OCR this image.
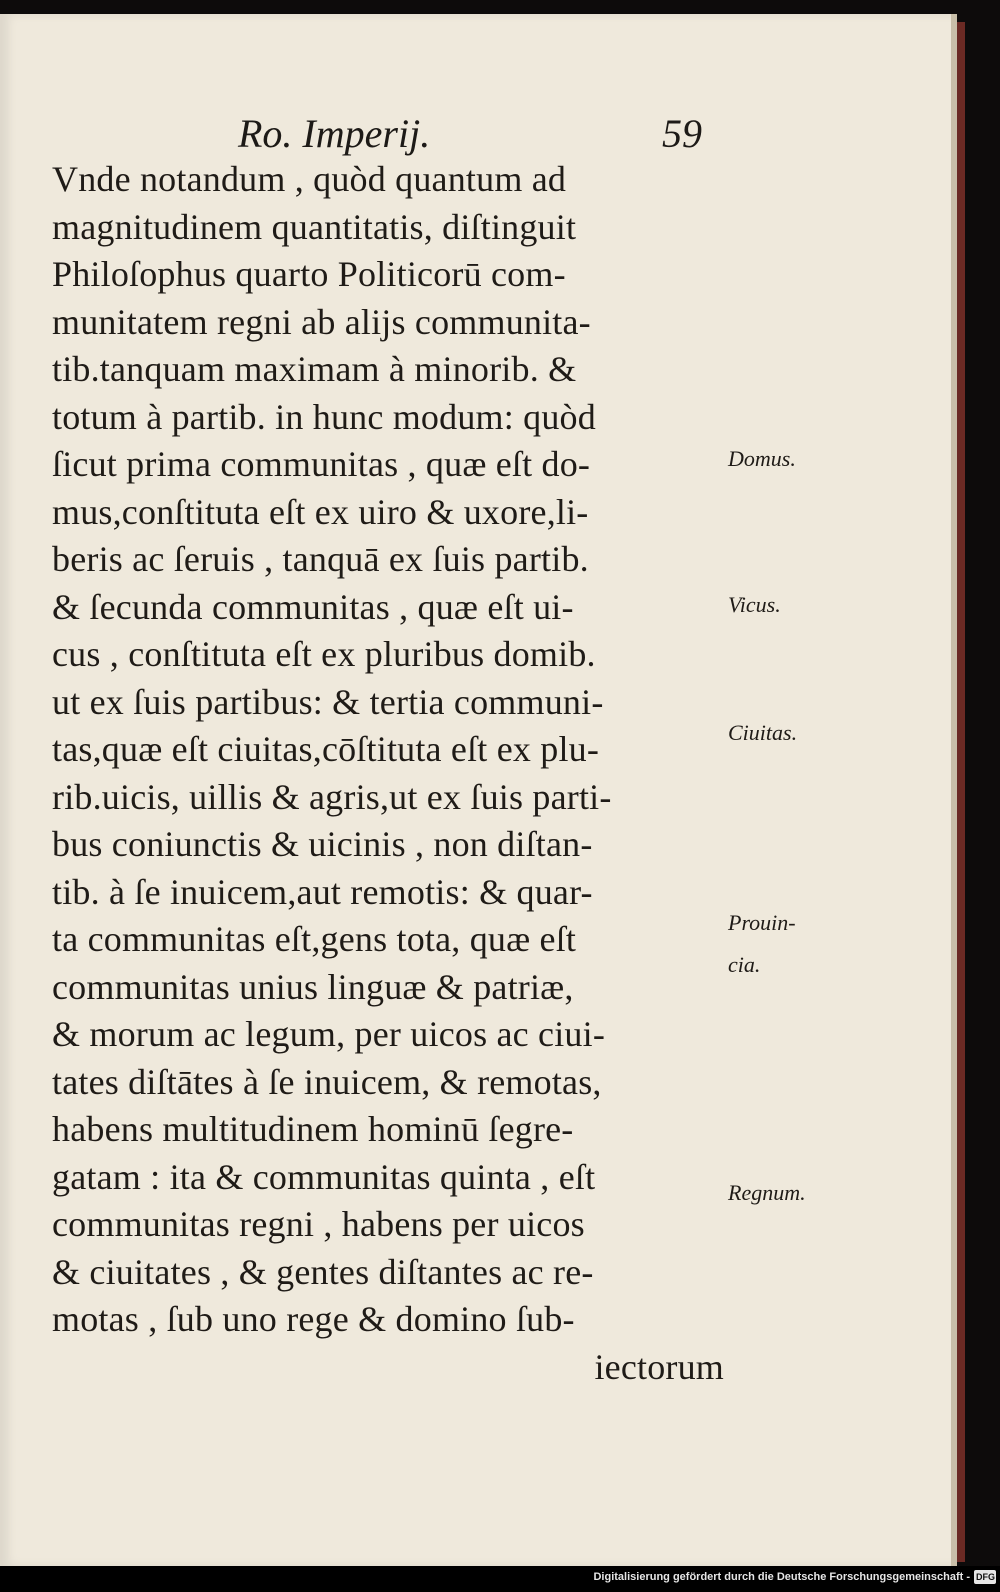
Ro. Imperij.	59
Vnde notandum , quòd quantum ad
magnitudinem quantitatis, diſtinguit
Philoſophus quarto Politicorū com-
munitatem regni ab alijs communita-
tib.tanquam maximam à minorib. &
totum à partib. in hunc modum: quòd
ſicut prima communitas , quæ eſt do-
mus,conſtituta eſt ex uiro & uxore,li-
beris ac ſeruis , tanquā ex ſuis partib.
& ſecunda communitas , quæ eſt ui-
cus , conſtituta eſt ex pluribus domib.
ut ex ſuis partibus: & tertia communi-
tas,quæ eſt ciuitas,cōſtituta eſt ex plu-
rib.uicis, uillis & agris,ut ex ſuis parti-
bus coniunctis & uicinis , non diſtan-
tib. à ſe inuicem,aut remotis: & quar-
ta communitas eſt,gens tota, quæ eſt
communitas unius linguæ & patriæ,
& morum ac legum, per uicos ac ciui-
tates diſtātes à ſe inuicem, & remotas,
habens multitudinem hominū ſegre-
gatam : ita & communitas quinta , eſt
communitas regni , habens per uicos
& ciuitates , & gentes diſtantes ac re-
motas , ſub uno rege & domino ſub-
iectorum
Domus.
Vicus.
Ciuitas.
Prouin-
cia.
Regnum.
Digitalisierung gefördert durch die Deutsche Forschungsgemeinschaft - DFG
